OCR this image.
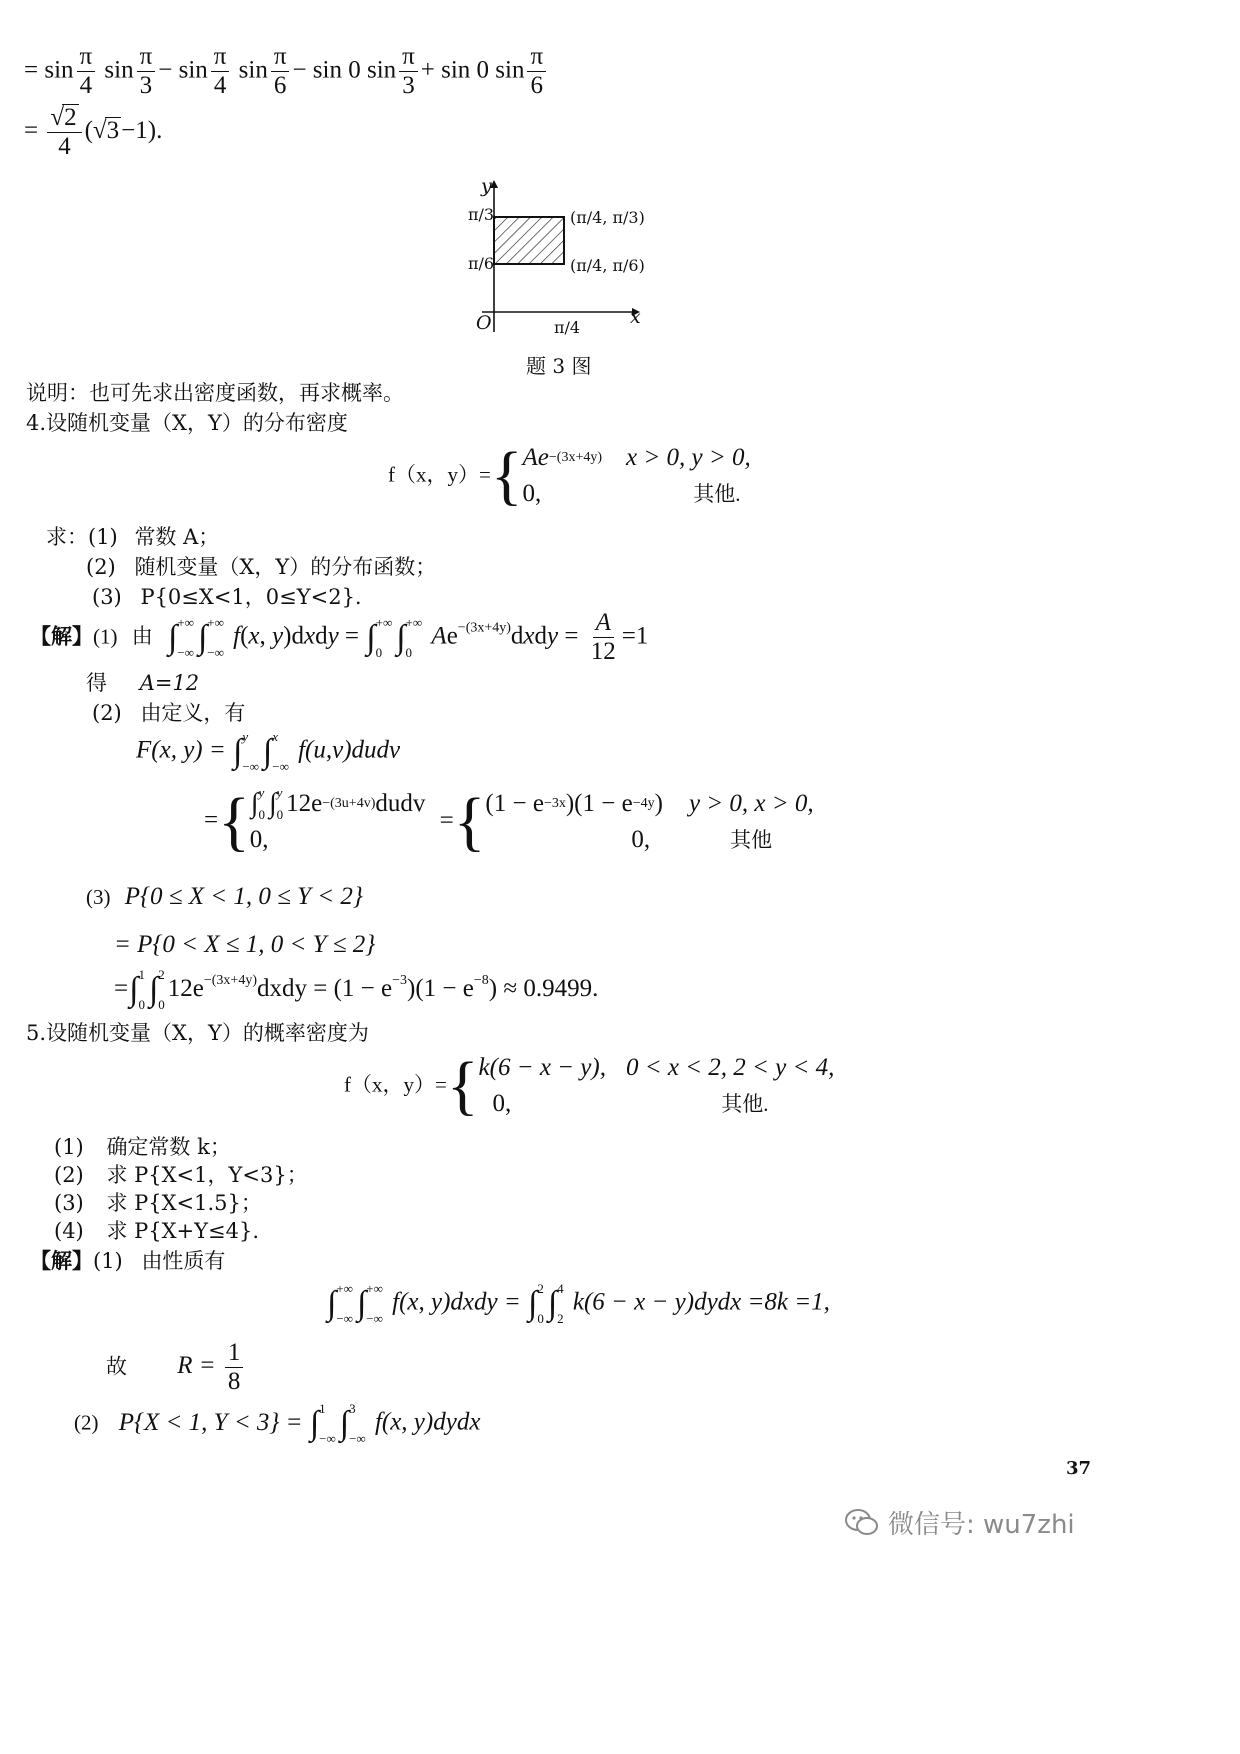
= $\sin \frac{\pi}{4}$ $\sin \frac{\pi}{3} - \sin \frac{\pi}{4}$ $\sin \frac{\pi}{6} - \sin 0$ $\sin \frac{\pi}{3} + \sin 0$ $\sin \frac{\pi}{6}$
= $\frac{√2}{4} (√3-1)$.
y
x
O
π/3
π/6
π/4
(π/4, π/3)
(π/4, π/6)
题 3 图
说明：也可先求出密度函数，再求概率。
4.设随机变量（X，Y）的分布密度
f（x，y）={ Ae −(3x+4y) x > 0, y > 0,
0,	其他.
求：(1) 常数 A；
(2) 随机变量（X，Y）的分布函数；
(3) P{0≤X<1，0≤Y<2}.
【解】(1) 由 ∫ +∞
−∞ ∫ +∞
−∞
f(x, y)dxdy = ∫ +∞
0 ∫ +∞
0
$Ae^{-(3x+4y)}dxdy = \frac{A}{12} =1$
得 A=12
(2) 由定义，有
F(x, y) = ∫ y
−∞ ∫ x
−∞
f(u,v)dudv
={ ∫ y
0 ∫ y
0 12e −(3u+4v) dudv
0,
={ (1 − e −3x )(1 − e −4y ) y > 0, x > 0,
0,	其他
(3) P{0 ≤ X < 1, 0 ≤ Y < 2}
= P{0 < X ≤ 1, 0 < Y ≤ 2}
=∫ 1
0 ∫ 2
0
$12e^{-(3x+4y)}dxdy = (1 - e^{-3})(1 - e^{-8}) \approx 0.9499$.
5.设随机变量（X，Y）的概率密度为
f（x，y）={ k(6 − x − y), 0 < x < 2, 2 < y < 4,
0,	其他.
(1) 确定常数 k；
(2) 求 P{X<1，Y<3}；
(3) 求 P{X<1.5}；
(4) 求 P{X+Y≤4}.
【解】(1) 由性质有
∫ +∞
−∞ ∫ +∞
−∞
f(x, y)dxdy = ∫ 2
0 ∫ 4
2
k(6 − x − y)dydx =8k =1,
故 $R = \frac{1}{8}$
(2) P{X < 1, Y < 3} = ∫ 1
−∞ ∫ 3
−∞
f(x, y)dydx
37
微信号: wu7zhi
